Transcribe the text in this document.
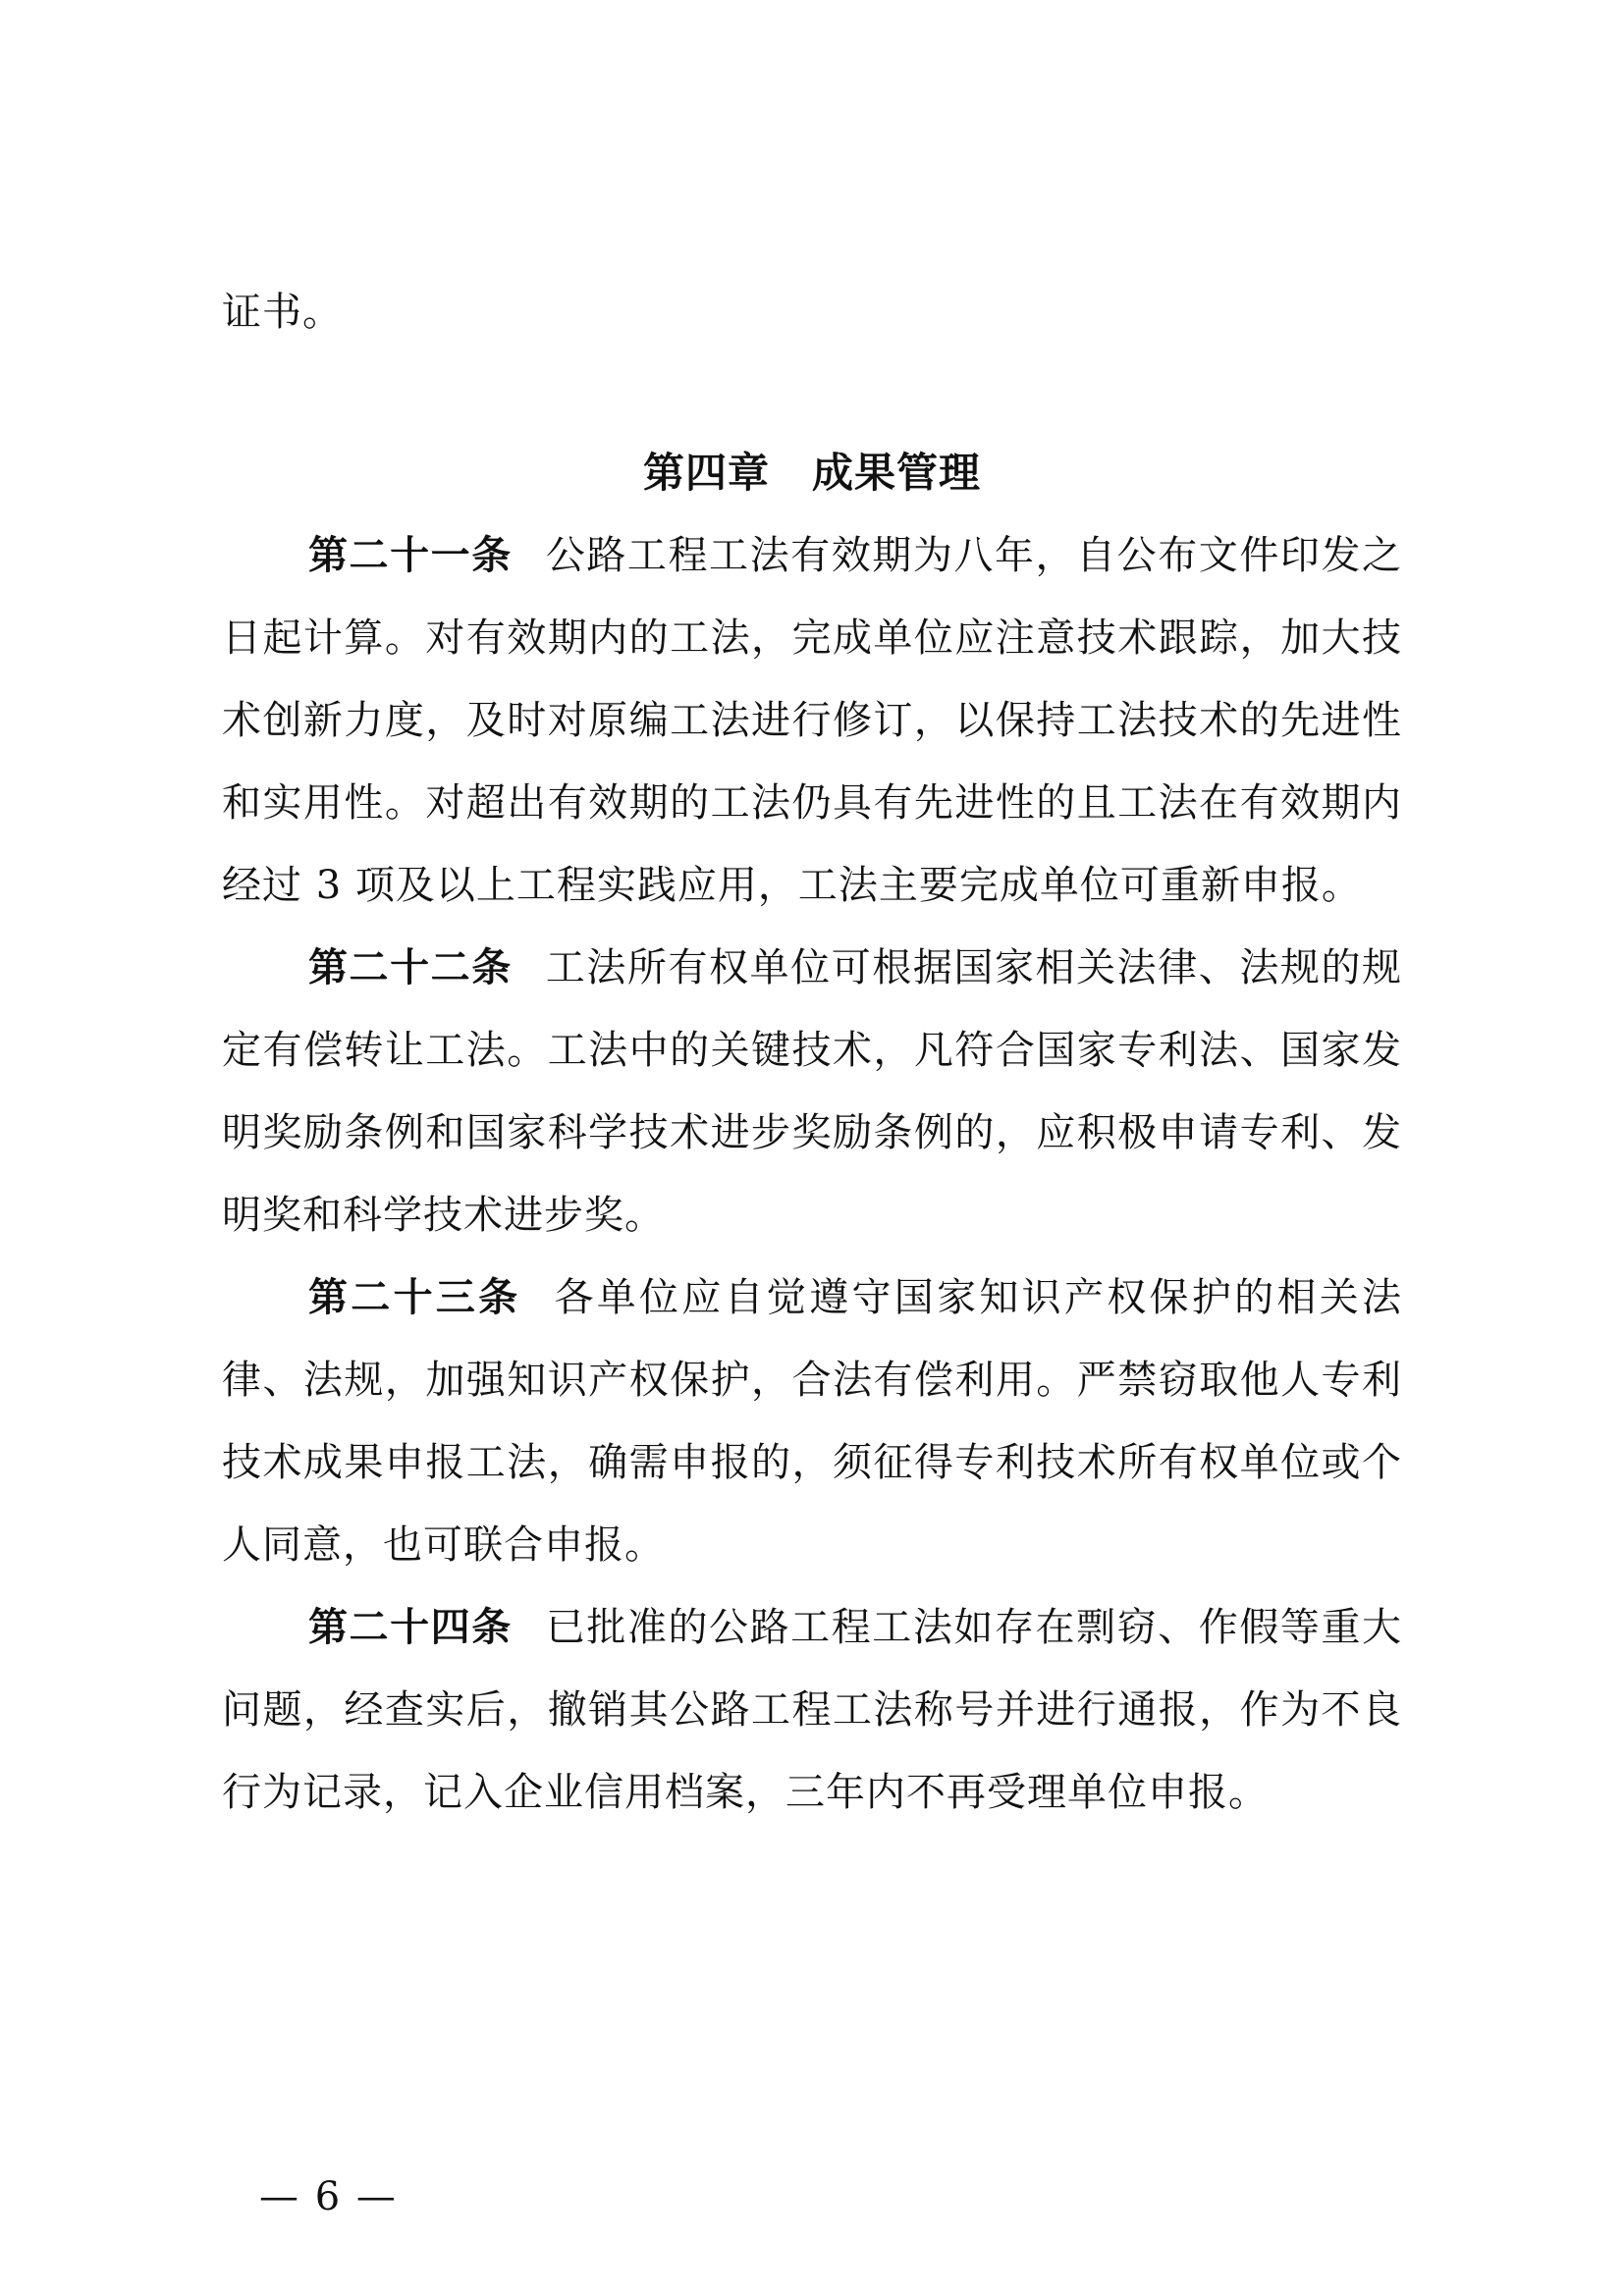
证书。
第四章　成果管理

第二十一条 公路工程工法有效期为八年，自公布文件印发之日起计算。对有效期内的工法，完成单位应注意技术跟踪，加大技术创新力度，及时对原编工法进行修订，以保持工法技术的先进性和实用性。对超出有效期的工法仍具有先进性的且工法在有效期内经过 3 项及以上工程实践应用，工法主要完成单位可重新申报。

第二十二条 工法所有权单位可根据国家相关法律、法规的规定有偿转让工法。工法中的关键技术，凡符合国家专利法、国家发明奖励条例和国家科学技术进步奖励条例的，应积极申请专利、发明奖和科学技术进步奖。

第二十三条 各单位应自觉遵守国家知识产权保护的相关法律、法规，加强知识产权保护，合法有偿利用。严禁窃取他人专利技术成果申报工法，确需申报的，须征得专利技术所有权单位或个人同意，也可联合申报。

第二十四条 已批准的公路工程工法如存在剽窃、作假等重大问题，经查实后，撤销其公路工程工法称号并进行通报，作为不良行为记录，记入企业信用档案，三年内不再受理单位申报。

— 6 —
